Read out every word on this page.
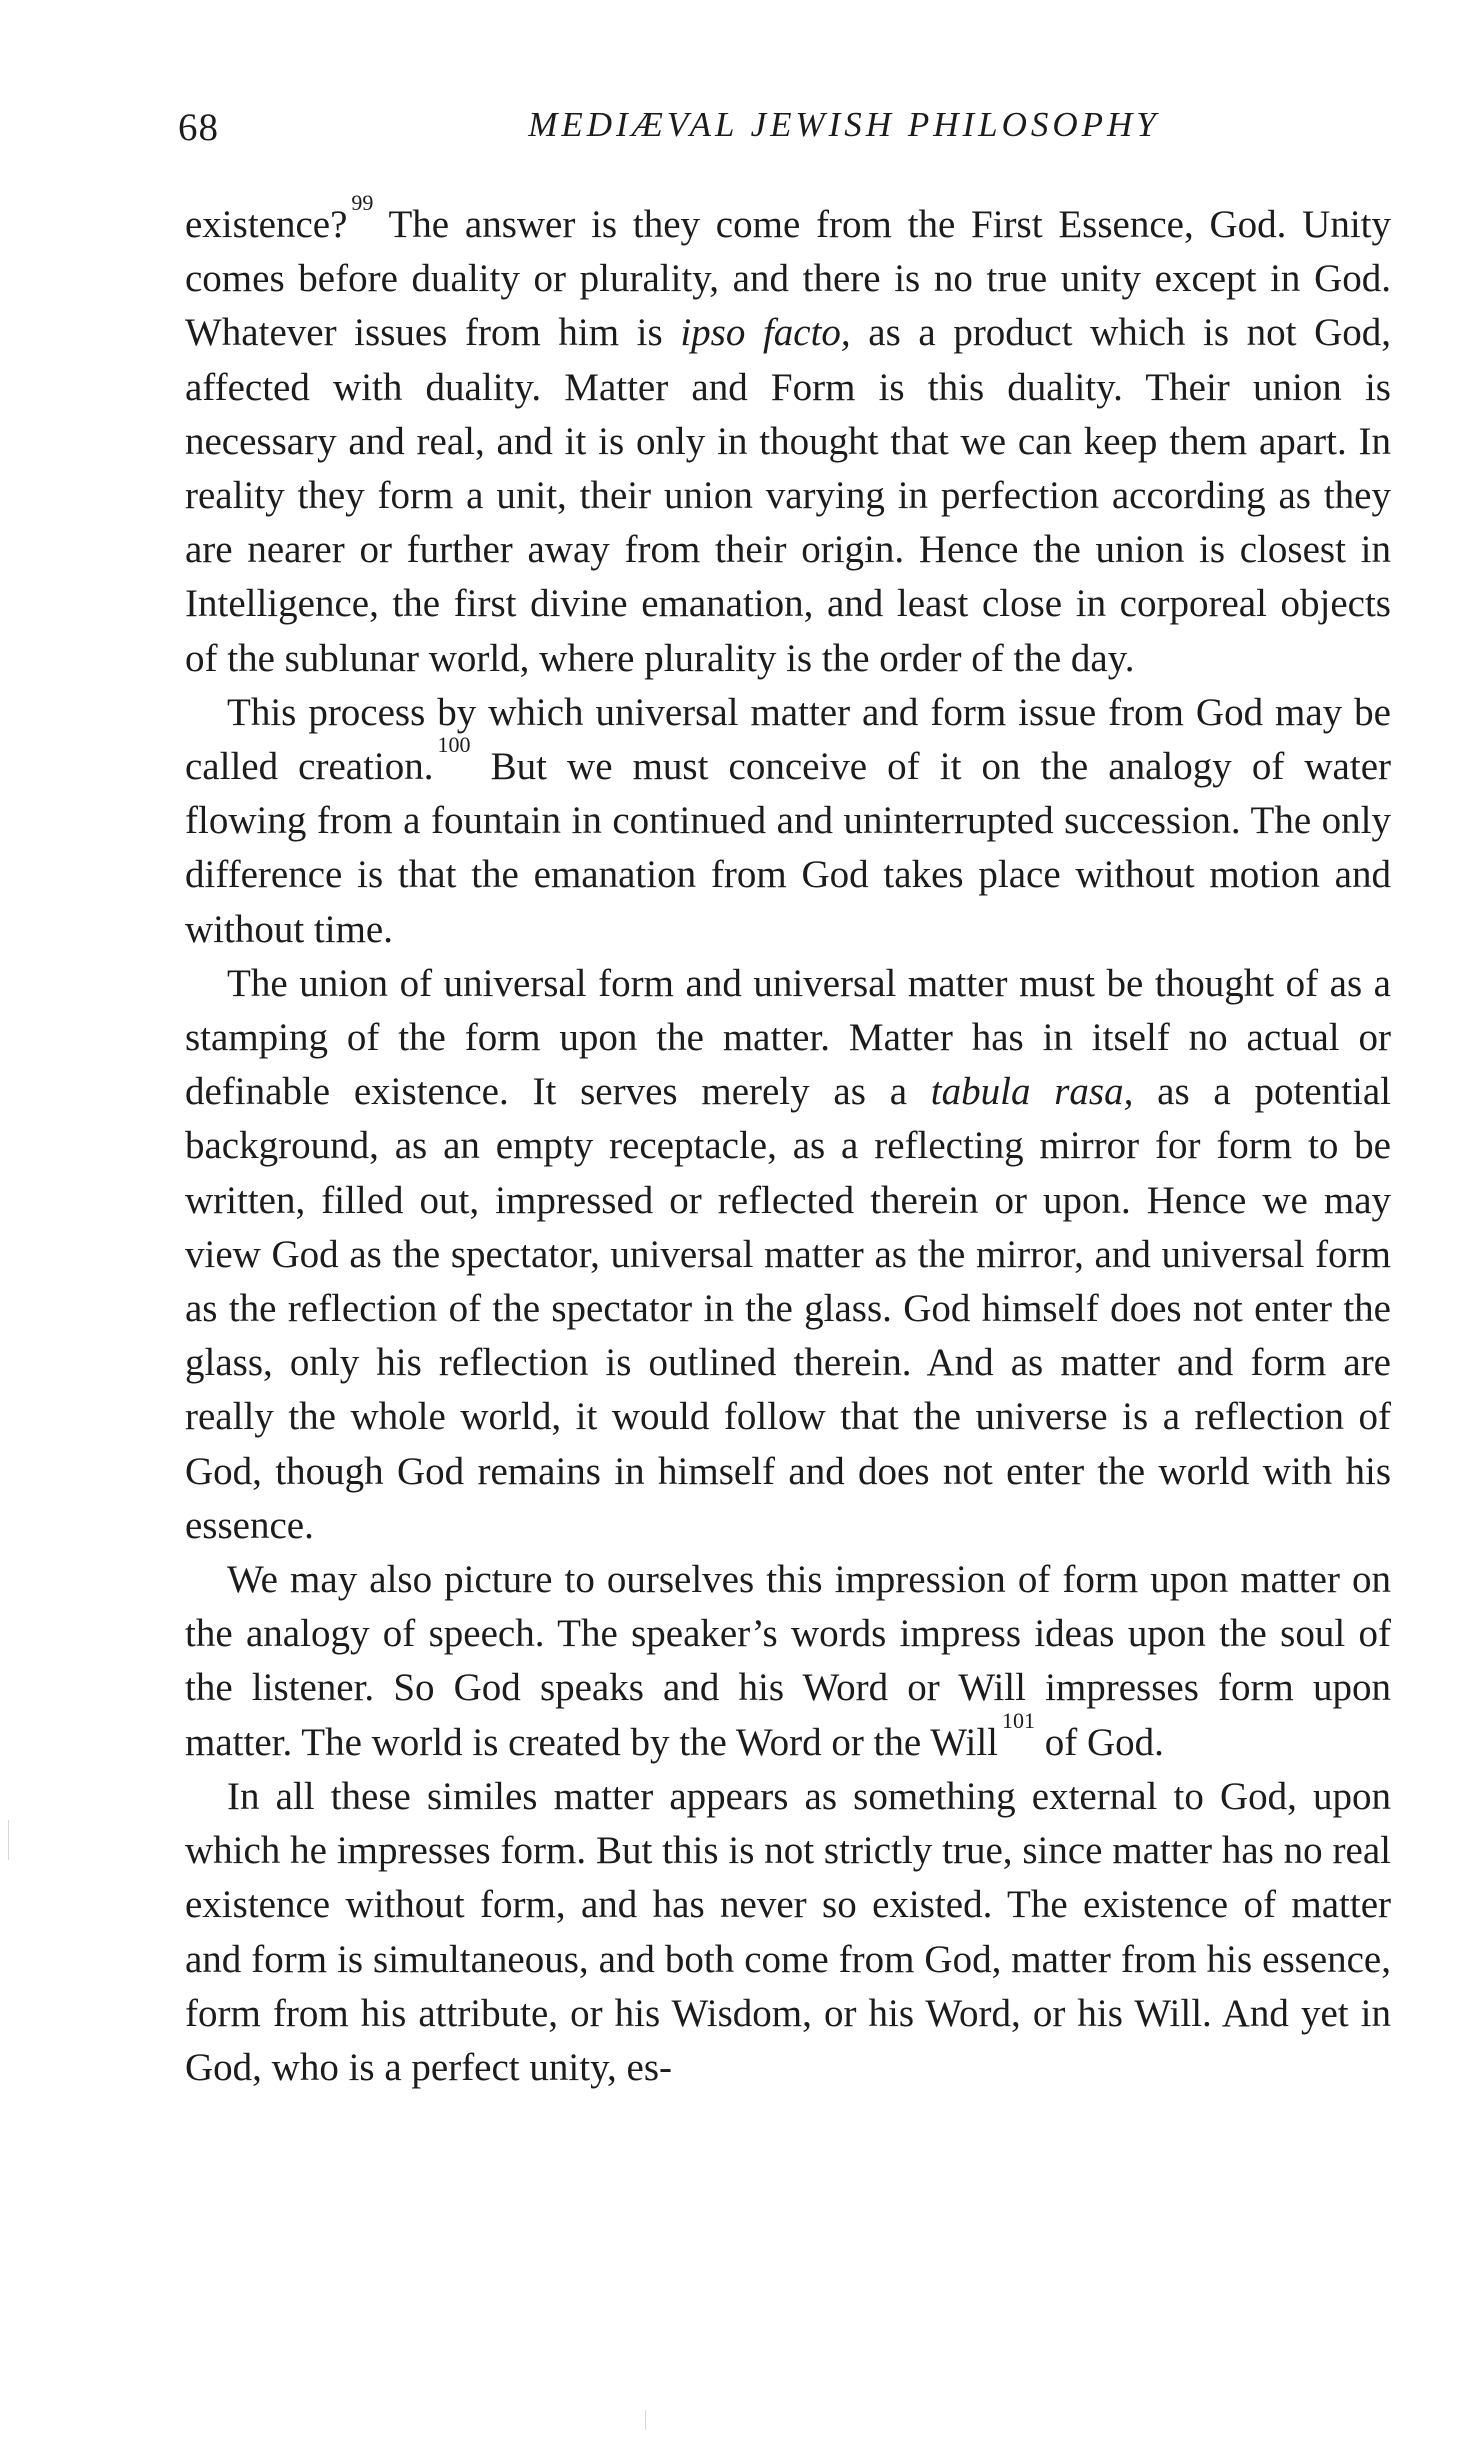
68	MEDIÆVAL JEWISH PHILOSOPHY

existence?$^{99}$ The answer is they come from the First Essence, God. Unity comes before duality or plurality, and there is no true unity except in God. Whatever issues from him is ipso facto, as a product which is not God, affected with duality. Matter and Form is this duality. Their union is necessary and real, and it is only in thought that we can keep them apart. In reality they form a unit, their union varying in perfection according as they are nearer or further away from their origin. Hence the union is closest in Intelligence, the first divine emanation, and least close in corporeal objects of the sublunar world, where plurality is the order of the day.

This process by which universal matter and form issue from God may be called creation.$^{100}$ But we must conceive of it on the analogy of water flowing from a fountain in continued and uninterrupted succession. The only difference is that the emanation from God takes place without motion and without time.

The union of universal form and universal matter must be thought of as a stamping of the form upon the matter. Matter has in itself no actual or definable existence. It serves merely as a tabula rasa, as a potential background, as an empty receptacle, as a reflecting mirror for form to be written, filled out, impressed or reflected therein or upon. Hence we may view God as the spectator, universal matter as the mirror, and universal form as the reflection of the spectator in the glass. God himself does not enter the glass, only his reflection is outlined therein. And as matter and form are really the whole world, it would follow that the universe is a reflection of God, though God remains in himself and does not enter the world with his essence.

We may also picture to ourselves this impression of form upon matter on the analogy of speech. The speaker’s words impress ideas upon the soul of the listener. So God speaks and his Word or Will impresses form upon matter. The world is created by the Word or the Will$^{101}$ of God.

In all these similes matter appears as something external to God, upon which he impresses form. But this is not strictly true, since matter has no real existence without form, and has never so existed. The existence of matter and form is simultaneous, and both come from God, matter from his essence, form from his attribute, or his Wisdom, or his Word, or his Will. And yet in God, who is a perfect unity, es-
